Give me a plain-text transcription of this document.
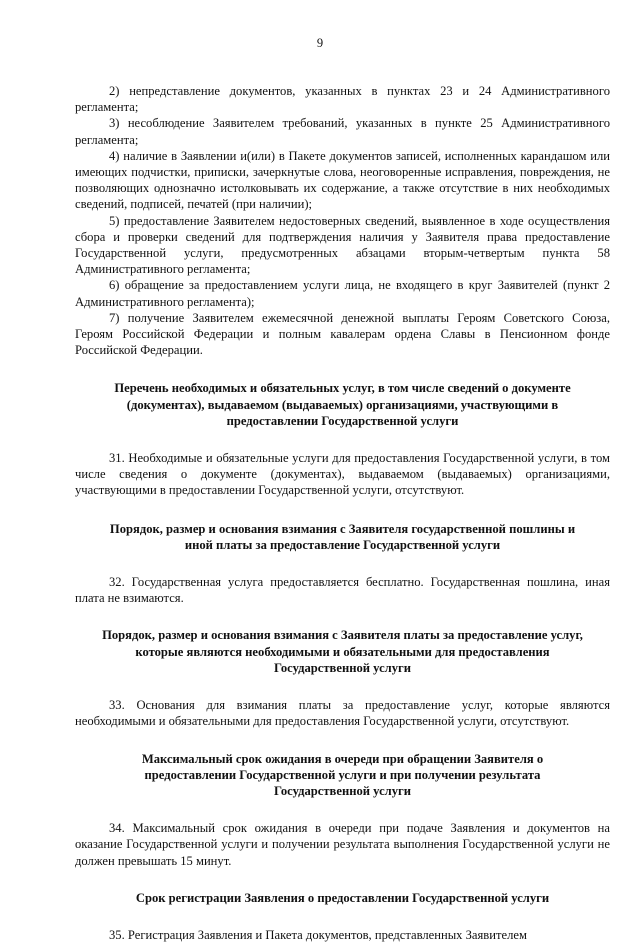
9

2) непредставление документов, указанных в пунктах 23 и 24 Административного регламента;

3) несоблюдение Заявителем требований, указанных в пункте 25 Административного регламента;

4) наличие в Заявлении и(или) в Пакете документов записей, исполненных карандашом или имеющих подчистки, приписки, зачеркнутые слова, неоговоренные исправления, повреждения, не позволяющих однозначно истолковывать их содержание, а также отсутствие в них необходимых сведений, подписей, печатей (при наличии);

5) предоставление Заявителем недостоверных сведений, выявленное в ходе осуществления сбора и проверки сведений для подтверждения наличия у Заявителя права предоставление Государственной услуги, предусмотренных абзацами вторым-четвертым пункта 58 Административного регламента;

6) обращение за предоставлением услуги лица, не входящего в круг Заявителей (пункт 2 Административного регламента);

7) получение Заявителем ежемесячной денежной выплаты Героям Советского Союза, Героям Российской Федерации и полным кавалерам ордена Славы в Пенсионном фонде Российской Федерации.

Перечень необходимых и обязательных услуг, в том числе сведений о документе (документах), выдаваемом (выдаваемых) организациями, участвующими в предоставлении Государственной услуги

31. Необходимые и обязательные услуги для предоставления Государственной услуги, в том числе сведения о документе (документах), выдаваемом (выдаваемых) организациями, участвующими в предоставлении Государственной услуги, отсутствуют.

Порядок, размер и основания взимания с Заявителя государственной пошлины и иной платы за предоставление Государственной услуги

32. Государственная услуга предоставляется бесплатно. Государственная пошлина, иная плата не взимаются.

Порядок, размер и основания взимания с Заявителя платы за предоставление услуг, которые являются необходимыми и обязательными для предоставления Государственной услуги

33. Основания для взимания платы за предоставление услуг, которые являются необходимыми и обязательными для предоставления Государственной услуги, отсутствуют.

Максимальный срок ожидания в очереди при обращении Заявителя о предоставлении Государственной услуги и при получении результата Государственной услуги

34. Максимальный срок ожидания в очереди при подаче Заявления и документов на оказание Государственной услуги и получении результата выполнения Государственной услуги не должен превышать 15 минут.

Срок регистрации Заявления о предоставлении Государственной услуги

35. Регистрация Заявления и Пакета документов, представленных Заявителем
